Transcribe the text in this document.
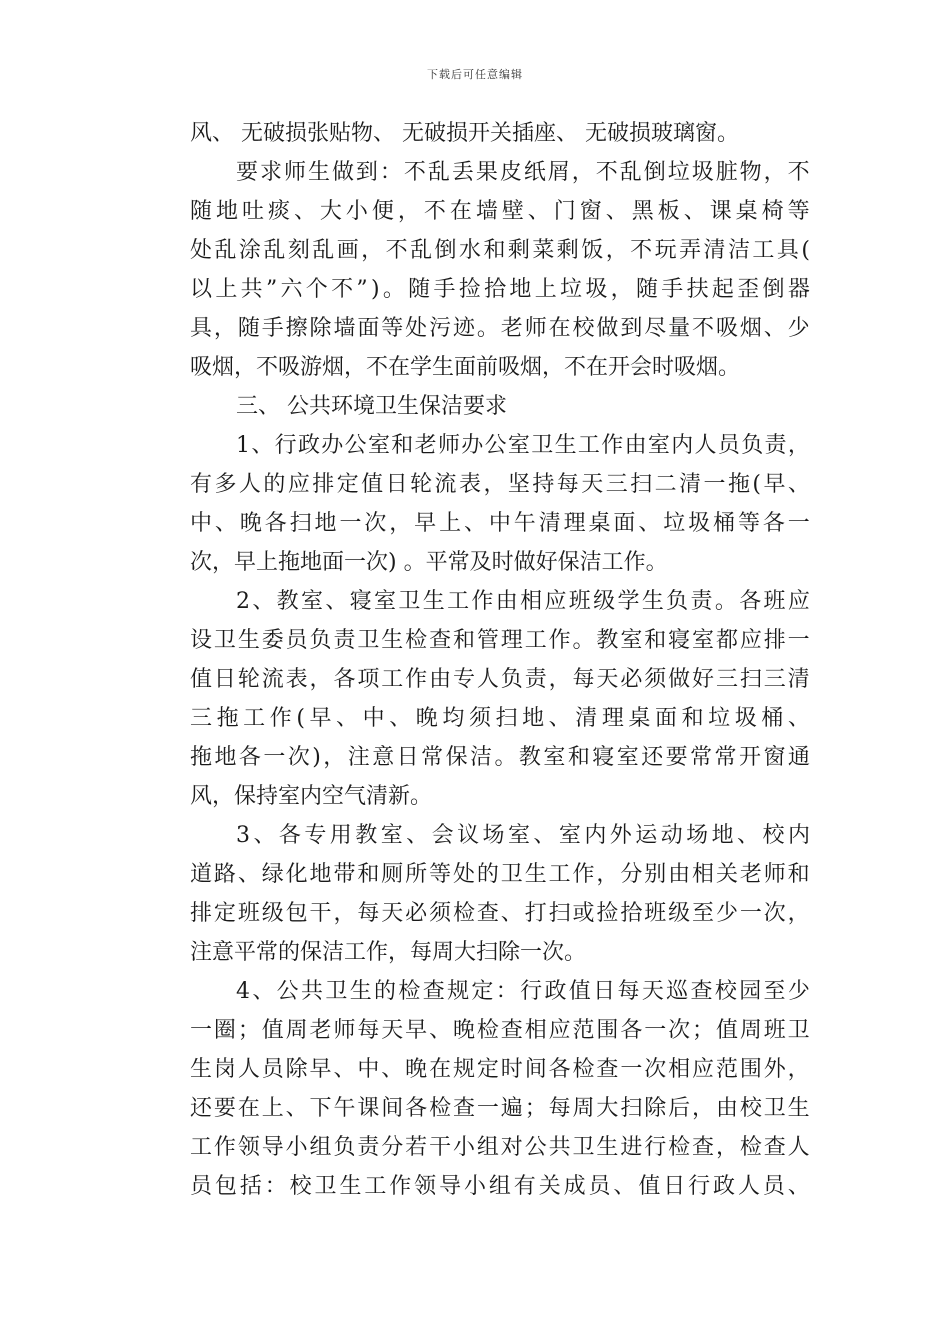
下载后可任意编辑
风、 无破损张贴物、 无破损开关插座、 无破损玻璃窗。
要 求 师 生 做 到 ： 不 乱 丢 果 皮 纸 屑 ， 不 乱 倒 垃 圾 脏 物 ， 不
随 地 吐 痰 、 大 小 便 ， 不 在 墙 壁 、 门 窗 、 黑 板 、 课 桌 椅 等
处 乱 涂 乱 刻 乱 画 ， 不 乱 倒 水 和 剩 菜 剩 饭 ， 不 玩 弄 清 洁 工 具 (
以 上 共 ” 六 个 不 ” ) 。 随 手 捡 拾 地 上 垃 圾 ， 随 手 扶 起 歪 倒 器
具 ， 随 手 擦 除 墙 面 等 处 污 迹 。 老 师 在 校 做 到 尽 量 不 吸 烟 、 少
吸烟，不吸游烟，不在学生面前吸烟，不在开会时吸烟。
三、 公共环境卫生保洁要求
1 、 行 政 办 公 室 和 老 师 办 公 室 卫 生 工 作 由 室 内 人 员 负 责 ，
有 多 人 的 应 排 定 值 日 轮 流 表 ， 坚 持 每 天 三 扫 二 清 一 拖 ( 早 、
中 、 晚 各 扫 地 一 次 ， 早 上 、 中 午 清 理 桌 面 、 垃 圾 桶 等 各 一
次，早上拖地面一次) 。平常及时做好保洁工作。
2 、 教 室 、 寝 室 卫 生 工 作 由 相 应 班 级 学 生 负 责 。 各 班 应
设 卫 生 委 员 负 责 卫 生 检 查 和 管 理 工 作 。 教 室 和 寝 室 都 应 排 一
值 日 轮 流 表 ， 各 项 工 作 由 专 人 负 责 ， 每 天 必 须 做 好 三 扫 三 清
三 拖 工 作 ( 早 、 中 、 晚 均 须 扫 地 、 清 理 桌 面 和 垃 圾 桶 、
拖 地 各 一 次 ) ， 注 意 日 常 保 洁 。 教 室 和 寝 室 还 要 常 常 开 窗 通
风，保持室内空气清新。
3 、 各 专 用 教 室 、 会 议 场 室 、 室 内 外 运 动 场 地 、 校 内
道 路 、 绿 化 地 带 和 厕 所 等 处 的 卫 生 工 作 ， 分 别 由 相 关 老 师 和
排 定 班 级 包 干 ， 每 天 必 须 检 查 、 打 扫 或 捡 拾 班 级 至 少 一 次 ，
注意平常的保洁工作，每周大扫除一次。
4 、 公 共 卫 生 的 检 查 规 定 ： 行 政 值 日 每 天 巡 查 校 园 至 少
一 圈 ； 值 周 老 师 每 天 早 、 晚 检 查 相 应 范 围 各 一 次 ； 值 周 班 卫
生 岗 人 员 除 早 、 中 、 晚 在 规 定 时 间 各 检 查 一 次 相 应 范 围 外 ，
还 要 在 上 、 下 午 课 间 各 检 查 一 遍 ； 每 周 大 扫 除 后 ， 由 校 卫 生
工 作 领 导 小 组 负 责 分 若 干 小 组 对 公 共 卫 生 进 行 检 查 ， 检 查 人
员 包 括 ： 校 卫 生 工 作 领 导 小 组 有 关 成 员 、 值 日 行 政 人 员 、
